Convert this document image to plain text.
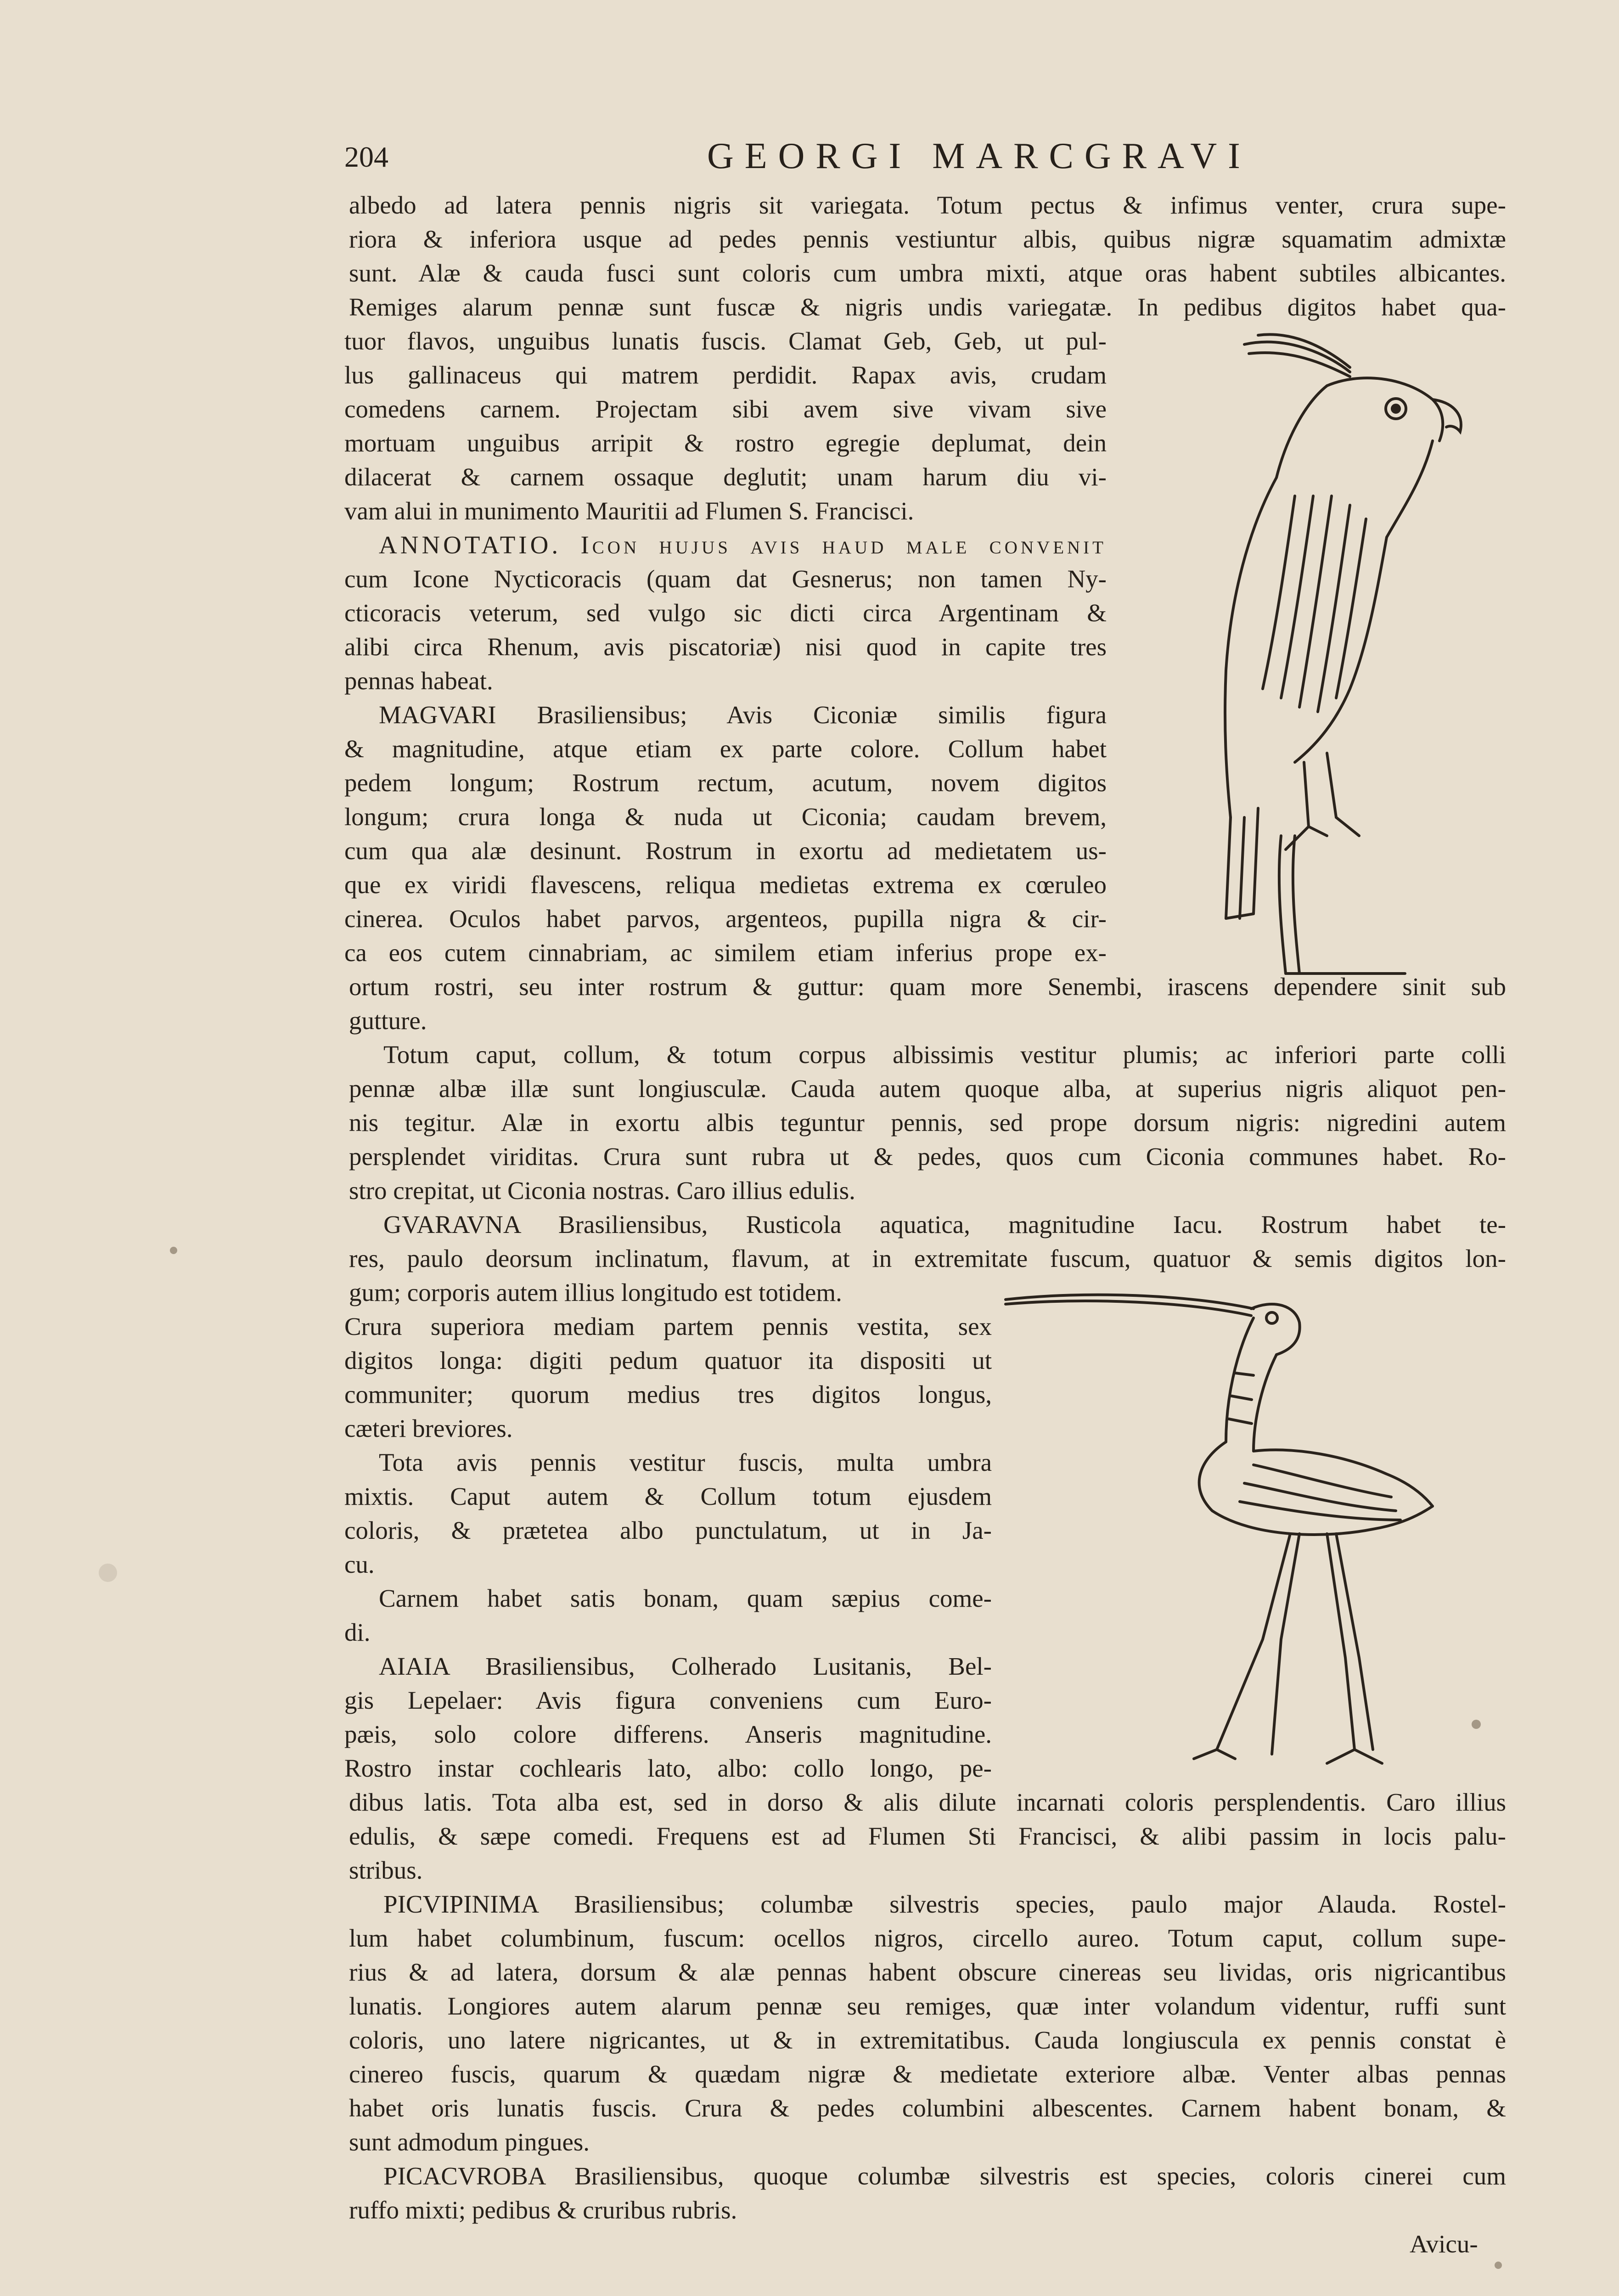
204	GEORGI MARCGRAVI
albedo ad latera pennis nigris sit variegata. Totum pectus & infimus venter, crura supe-
riora & inferiora usque ad pedes pennis vestiuntur albis, quibus nigræ squamatim admixtæ
sunt. Alæ & cauda fusci sunt coloris cum umbra mixti, atque oras habent subtiles albicantes.
Remiges alarum pennæ sunt fuscæ & nigris undis variegatæ. In pedibus digitos habet qua-
tuor flavos, unguibus lunatis fuscis. Clamat Geb, Geb, ut pul-
lus gallinaceus qui matrem perdidit. Rapax avis, crudam
comedens carnem. Projectam sibi avem sive vivam sive
mortuam unguibus arripit & rostro egregie deplumat, dein
dilacerat & carnem ossaque deglutit; unam harum diu vi-
vam alui in munimento Mauritii ad Flumen S. Francisci.
ANNOTATIO. Icon hujus avis haud male convenit
cum Icone Nycticoracis (quam dat Gesnerus; non tamen Ny-
cticoracis veterum, sed vulgo sic dicti circa Argentinam &
alibi circa Rhenum, avis piscatoriæ) nisi quod in capite tres
pennas habeat.
MAGVARI Brasiliensibus; Avis Ciconiæ similis figura
& magnitudine, atque etiam ex parte colore. Collum habet
pedem longum; Rostrum rectum, acutum, novem digitos
longum; crura longa & nuda ut Ciconia; caudam brevem,
cum qua alæ desinunt. Rostrum in exortu ad medietatem us-
que ex viridi flavescens, reliqua medietas extrema ex cœruleo
cinerea. Oculos habet parvos, argenteos, pupilla nigra & cir-
ca eos cutem cinnabriam, ac similem etiam inferius prope ex-
ortum rostri, seu inter rostrum & guttur: quam more Senembi, irascens dependere sinit sub
gutture.
Totum caput, collum, & totum corpus albissimis vestitur plumis; ac inferiori parte colli
pennæ albæ illæ sunt longiusculæ. Cauda autem quoque alba, at superius nigris aliquot pen-
nis tegitur. Alæ in exortu albis teguntur pennis, sed prope dorsum nigris: nigredini autem
persplendet viriditas. Crura sunt rubra ut & pedes, quos cum Ciconia communes habet. Ro-
stro crepitat, ut Ciconia nostras. Caro illius edulis.
GVARAVNA Brasiliensibus, Rusticola aquatica, magnitudine Iacu. Rostrum habet te-
res, paulo deorsum inclinatum, flavum, at in extremitate fuscum, quatuor & semis digitos lon-
gum; corporis autem illius longitudo est totidem.
Crura superiora mediam partem pennis vestita, sex
digitos longa: digiti pedum quatuor ita dispositi ut
communiter; quorum medius tres digitos longus,
cæteri breviores.
Tota avis pennis vestitur fuscis, multa umbra
mixtis. Caput autem & Collum totum ejusdem
coloris, & prætetea albo punctulatum, ut in Ja-
cu.
Carnem habet satis bonam, quam sæpius come-
di.
AIAIA Brasiliensibus, Colherado Lusitanis, Bel-
gis Lepelaer: Avis figura conveniens cum Euro-
pæis, solo colore differens. Anseris magnitudine.
Rostro instar cochlearis lato, albo: collo longo, pe-
dibus latis. Tota alba est, sed in dorso & alis dilute incarnati coloris persplendentis. Caro illius
edulis, & sæpe comedi. Frequens est ad Flumen Sti Francisci, & alibi passim in locis palu-
stribus.
PICVIPINIMA Brasiliensibus; columbæ silvestris species, paulo major Alauda. Rostel-
lum habet columbinum, fuscum: ocellos nigros, circello aureo. Totum caput, collum supe-
rius & ad latera, dorsum & alæ pennas habent obscure cinereas seu lividas, oris nigricantibus
lunatis. Longiores autem alarum pennæ seu remiges, quæ inter volandum videntur, ruffi sunt
coloris, uno latere nigricantes, ut & in extremitatibus. Cauda longiuscula ex pennis constat è
cinereo fuscis, quarum & quædam nigræ & medietate exteriore albæ. Venter albas pennas
habet oris lunatis fuscis. Crura & pedes columbini albescentes. Carnem habent bonam, &
sunt admodum pingues.
PICACVROBA Brasiliensibus, quoque columbæ silvestris est species, coloris cinerei cum
ruffo mixti; pedibus & cruribus rubris.
Avicu-
